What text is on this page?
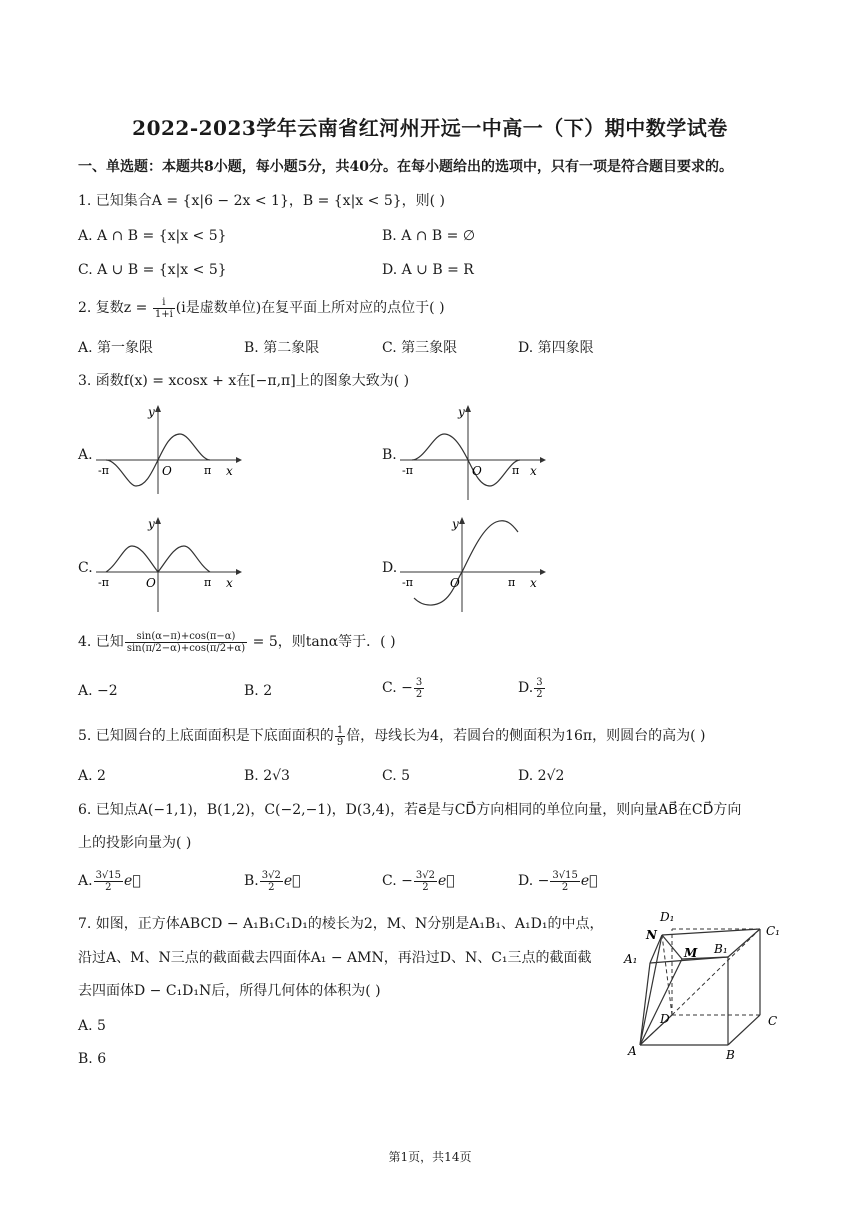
2022-2023学年云南省红河州开远一中高一（下）期中数学试卷
一、单选题：本题共8小题，每小题5分，共40分。在每小题给出的选项中，只有一项是符合题目要求的。
1. 已知集合A = {x|6 − 2x < 1}，B = {x|x < 5}，则( )
A. A ∩ B = {x|x < 5}	B. A ∩ B = ∅
C. A ∪ B = {x|x < 5}	D. A ∪ B = R
2. 复数$z = \frac{i}{1+i} (i$是虚数单位)在复平面上所对应的点位于( )
A. 第一象限	B. 第二象限	C. 第三象限	D. 第四象限
3. 函数f(x) = xcosx + x在[−π,π]上的图象大致为( )
A.	B.
C.	D.
y
x
O
-π	π
y
x
O
-π	π
y
x
O
-π	π
y
x
O
-π	π
4. 已知 $\frac{\sin(\alpha-\pi)+\cos(\pi-\alpha)}{\sin(\pi/2-\alpha)+\cos(\pi/2+\alpha)} = 5$，则tanα等于．( )
A. −2	B. 2	C. − $\frac{3}{2}$	D. $\frac{3}{2}$
5. 已知圆台的上底面面积是下底面面积的 $\frac{1}{9}$ 倍，母线长为4，若圆台的侧面积为16π，则圆台的高为( )
A. 2	B. 2√3	C. 5	D. 2√2
6. 已知点A(−1,1)，B(1,2)，C(−2,−1)，D(3,4)，若e⃗是与CD⃗方向相同的单位向量，则向量AB⃗在CD⃗方向
上的投影向量为( )
A. $\frac{3√15}{2}$ e⃗	B. $\frac{3√2}{2}$ e⃗	C. − $\frac{3√2}{2}$ e⃗	D. − $\frac{3√15}{2}$ e⃗
7. 如图，正方体ABCD − A₁B₁C₁D₁的棱长为2，M、N分别是A₁B₁、A₁D₁的中点，
沿过A、M、N三点的截面截去四面体A₁ − AMN，再沿过D、N、C₁三点的截面截
去四面体D − C₁D₁N后，所得几何体的体积为( )
A. 5
B. 6
D₁
C₁
N
M B₁
A₁
D	C
A	B
第1页，共14页
